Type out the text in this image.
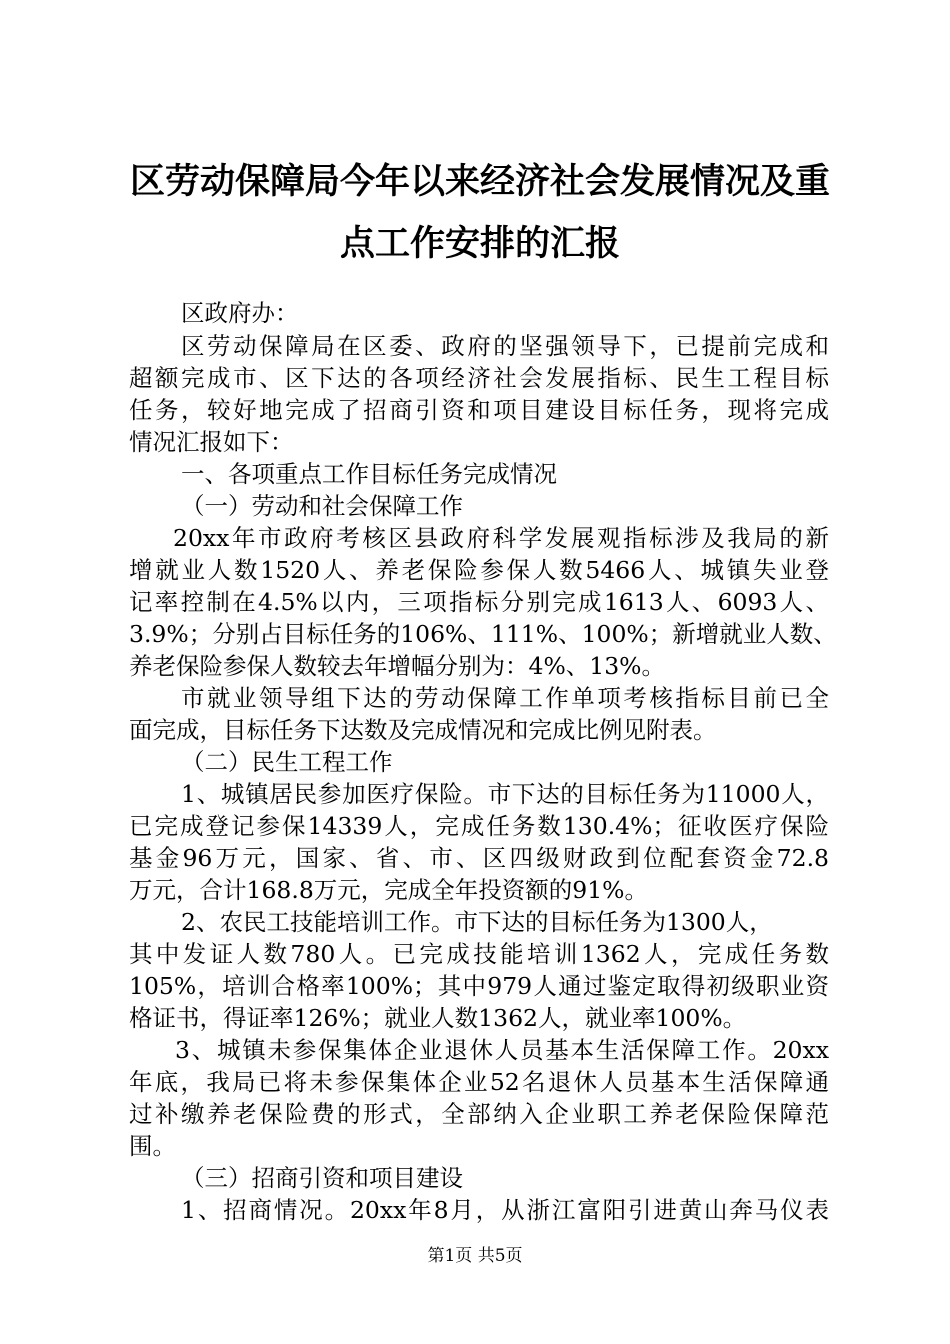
区劳动保障局今年以来经济社会发展情况及重
点工作安排的汇报
区政府办：
区劳动保障局在区委、政府的坚强领导下，已提前完成和
超额完成市、区下达的各项经济社会发展指标、民生工程目标
任务，较好地完成了招商引资和项目建设目标任务，现将完成
情况汇报如下：
一、各项重点工作目标任务完成情况
（一）劳动和社会保障工作
20xx年市政府考核区县政府科学发展观指标涉及我局的新
增就业人数1520人、养老保险参保人数5466人、城镇失业登
记率控制在4.5%以内，三项指标分别完成1613人、6093人、
3.9%；分别占目标任务的106%、111%、100%；新增就业人数、
养老保险参保人数较去年增幅分别为：4%、13%。
市就业领导组下达的劳动保障工作单项考核指标目前已全
面完成，目标任务下达数及完成情况和完成比例见附表。
（二）民生工程工作
1、城镇居民参加医疗保险。市下达的目标任务为11000人，
已完成登记参保14339人，完成任务数130.4%；征收医疗保险
基金96万元，国家、省、市、区四级财政到位配套资金72.8
万元，合计168.8万元，完成全年投资额的91%。
2、农民工技能培训工作。市下达的目标任务为1300人，
其中发证人数780人。已完成技能培训1362人，完成任务数
105%，培训合格率100%；其中979人通过鉴定取得初级职业资
格证书，得证率126%；就业人数1362人，就业率100%。
3、城镇未参保集体企业退休人员基本生活保障工作。20xx
年底，我局已将未参保集体企业52名退休人员基本生活保障通
过补缴养老保险费的形式，全部纳入企业职工养老保险保障范
围。
（三）招商引资和项目建设
1、招商情况。20xx年8月，从浙江富阳引进黄山奔马仪表
第1页 共5页
